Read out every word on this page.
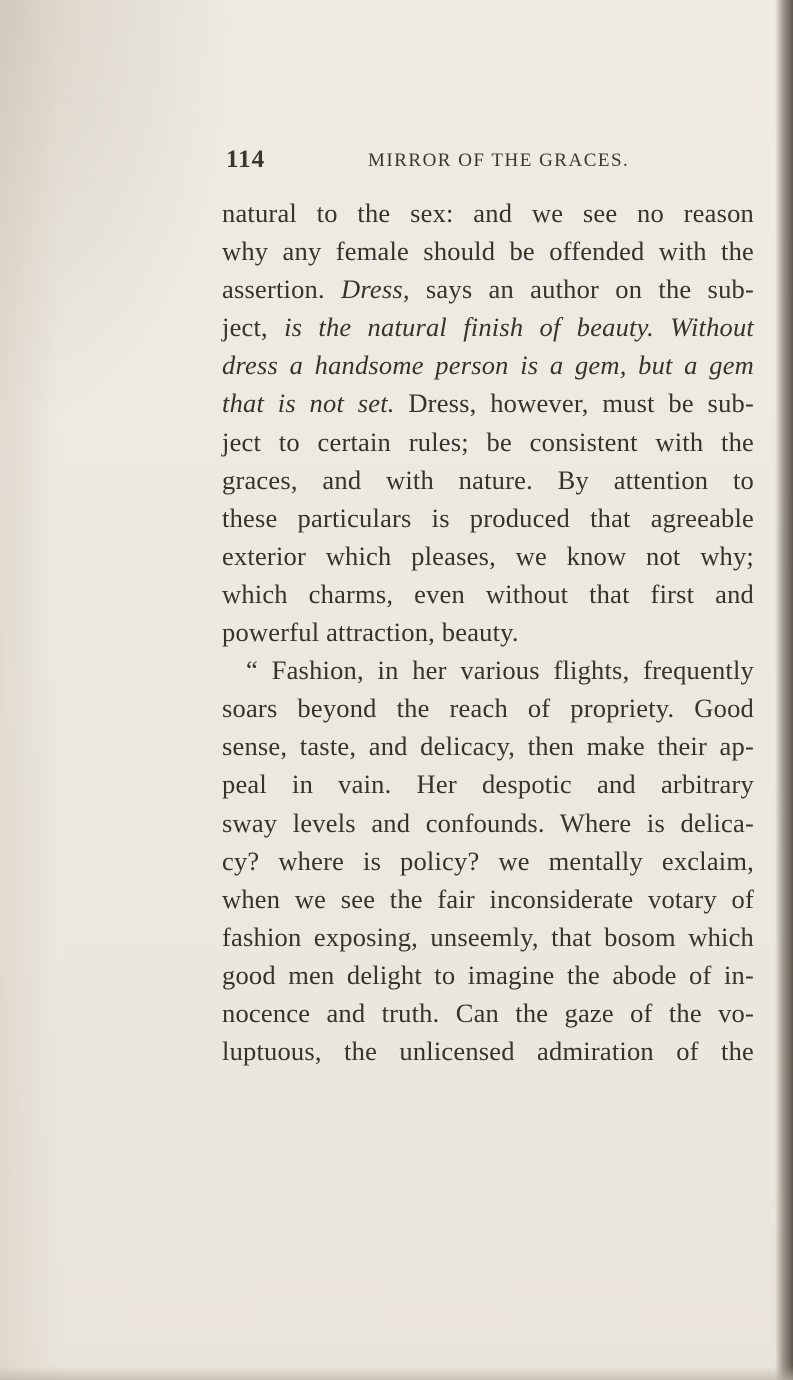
114	MIRROR OF THE GRACES.
natural to the sex: and we see no reason
why any female should be offended with the
assertion. Dress, says an author on the sub-
ject, is the natural finish of beauty. Without
dress a handsome person is a gem, but a gem
that is not set. Dress, however, must be sub-
ject to certain rules; be consistent with the
graces, and with nature. By attention to
these particulars is produced that agreeable
exterior which pleases, we know not why;
which charms, even without that first and
powerful attraction, beauty.
“ Fashion, in her various flights, frequently
soars beyond the reach of propriety. Good
sense, taste, and delicacy, then make their ap-
peal in vain. Her despotic and arbitrary
sway levels and confounds. Where is delica-
cy? where is policy? we mentally exclaim,
when we see the fair inconsiderate votary of
fashion exposing, unseemly, that bosom which
good men delight to imagine the abode of in-
nocence and truth. Can the gaze of the vo-
luptuous, the unlicensed admiration of the
